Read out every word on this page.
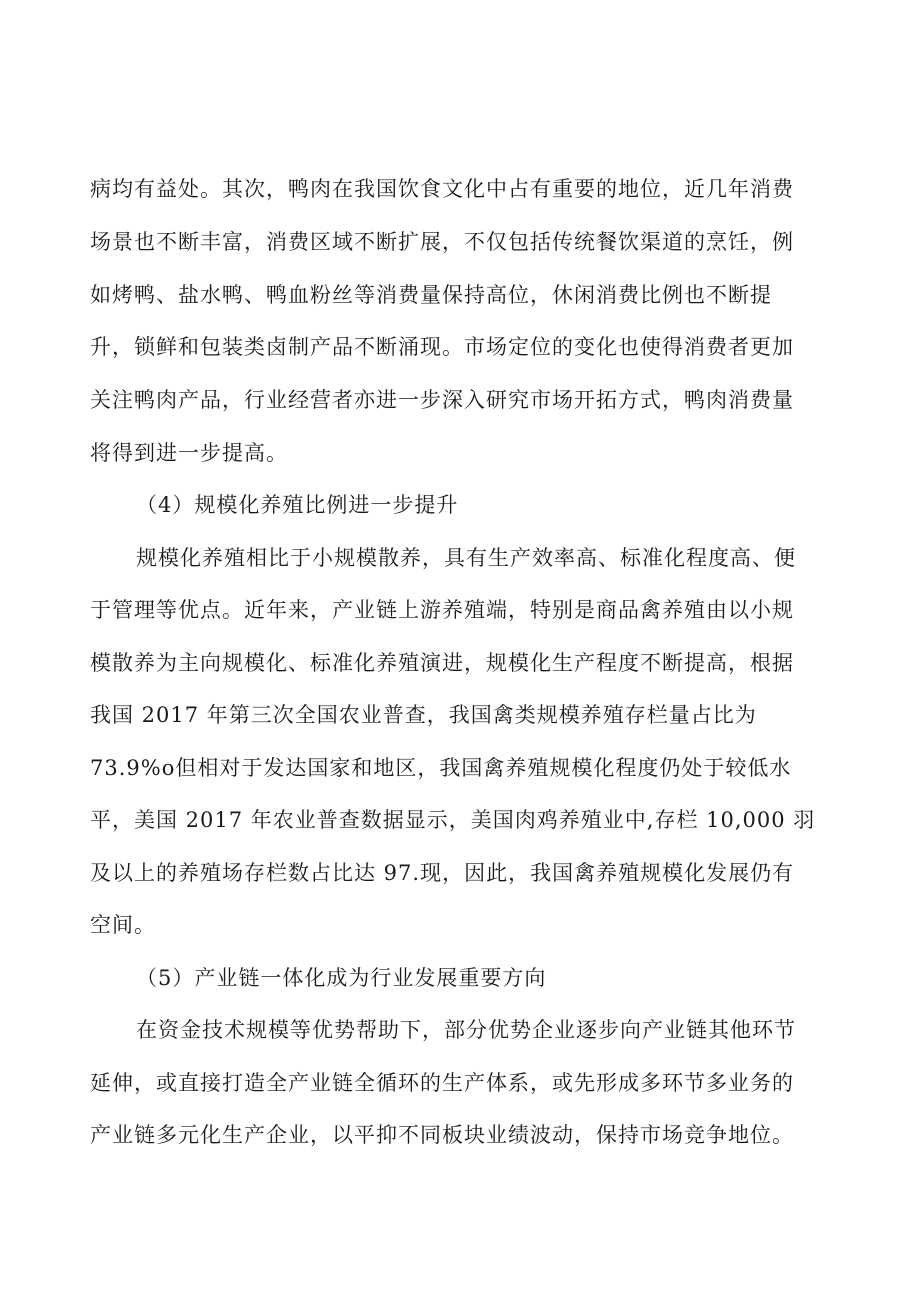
病均有益处。其次，鸭肉在我国饮食文化中占有重要的地位，近几年消费
场景也不断丰富，消费区域不断扩展，不仅包括传统餐饮渠道的烹饪，例
如烤鸭、盐水鸭、鸭血粉丝等消费量保持高位，休闲消费比例也不断提
升，锁鲜和包装类卤制产品不断涌现。市场定位的变化也使得消费者更加
关注鸭肉产品，行业经营者亦进一步深入研究市场开拓方式，鸭肉消费量
将得到进一步提高。
（4）规模化养殖比例进一步提升
规模化养殖相比于小规模散养，具有生产效率高、标准化程度高、便
于管理等优点。近年来，产业链上游养殖端，特别是商品禽养殖由以小规
模散养为主向规模化、标准化养殖演进，规模化生产程度不断提高，根据
我国 2017 年第三次全国农业普查，我国禽类规模养殖存栏量占比为
73.9%o但相对于发达国家和地区，我国禽养殖规模化程度仍处于较低水
平，美国 2017 年农业普查数据显示，美国肉鸡养殖业中,存栏 10,000 羽
及以上的养殖场存栏数占比达 97.现，因此，我国禽养殖规模化发展仍有
空间。
（5）产业链一体化成为行业发展重要方向
在资金技术规模等优势帮助下，部分优势企业逐步向产业链其他环节
延伸，或直接打造全产业链全循环的生产体系，或先形成多环节多业务的
产业链多元化生产企业，以平抑不同板块业绩波动，保持市场竞争地位。
